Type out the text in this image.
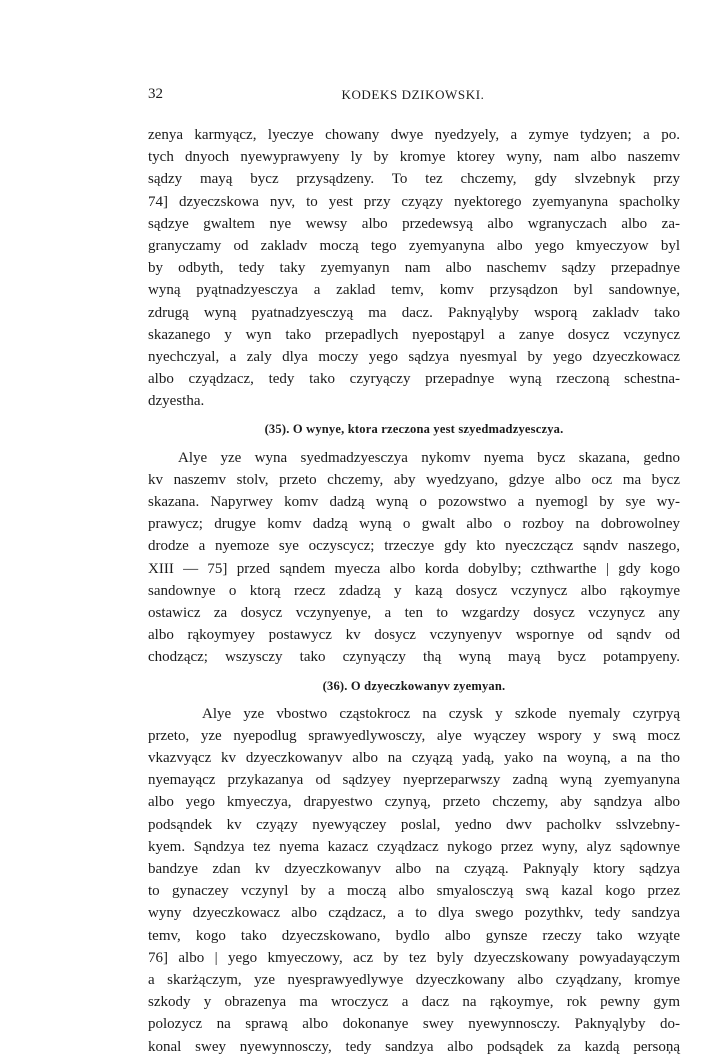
32	KODEKS DZIKOWSKI.
zenya karmyącz, lyeczye chowany dwye nyedzyely, a zymye tydzyen; a po.
tych dnyoch nyewyprawyeny ly by kromye ktorey wyny, nam albo naszemv
sądzy mayą bycz przysądzeny. To tez chczemy, gdy slvzebnyk przy
74] dzyeczskowa nyv, to yest przy czyązy nyektorego zyemyanyna spacholky
sądzye gwaltem nye wewsy albo przedewsyą albo wgranyczach albo za-
granyczamy od zakladv moczą tego zyemyanyna albo yego kmyeczyow byl
by odbyth, tedy taky zyemyanyn nam albo naschemv sądzy przepadnye
wyną pyątnadzyesczya a zaklad temv, komv przysądzon byl sandownye,
zdrugą wyną pyatnadzyesczyą ma dacz. Paknyąlyby wsporą zakladv tako
skazanego y wyn tako przepadlych nyepostąpyl a zanye dosycz vczynycz
nyechczyal, a zaly dlya moczy yego sądzya nyesmyal by yego dzyeczkowacz
albo czyądzacz, tedy tako czyryączy przepadnye wyną rzeczoną schestna-
dzyestha.
(35). O wynye, ktora rzeczona yest szyedmadzyesczya.
Alye yze wyna syedmadzyesczya nykomv nyema bycz skazana, gedno
kv naszemv stolv, przeto chczemy, aby wyedzyano, gdzye albo ocz ma bycz
skazana. Napyrwey komv dadzą wyną o pozowstwo a nyemogl by sye wy-
prawycz; drugye komv dadzą wyną o gwalt albo o rozboy na dobrowolney
drodze a nyemoze sye oczyscycz; trzeczye gdy kto nyeczczącz sąndv naszego,
XIII — 75] przed sąndem myecza albo korda dobylby; czthwarthe | gdy kogo
sandownye o ktorą rzecz zdadzą y kazą dosycz vczynycz albo rąkoymye
ostawicz za dosycz vczynyenye, a ten to wzgardzy dosycz vczynycz any
albo rąkoymyey postawycz kv dosycz vczynyenyv wspornye od sąndv od
chodzącz; wszysczy tako czynyączy thą wyną mayą bycz potampyeny.
(36). O dzyeczkowanyv zyemyan.
Alye yze vbostwo cząstokrocz na czysk y szkode nyemaly czyrpyą
przeto, yze nyepodlug sprawyedlywosczy, alye wyączey wspory y swą mocz
vkazvyącz kv dzyeczkowanyv albo na czyązą yadą, yako na woyną, a na tho
nyemayącz przykazanya od sądzyey nyeprzeparwszy zadną wyną zyemyanyna
albo yego kmyeczya, drapyestwo czynyą, przeto chczemy, aby sąndzya albo
podsąndek kv czyązy nyewyączey poslal, yedno dwv pacholkv sslvzebny-
kyem. Sąndzya tez nyema kazacz czyądzacz nykogo przez wyny, alyz sądownye
bandzye zdan kv dzyeczkowanyv albo na czyązą. Paknyąly ktory sądzya
to gynaczey vczynyl by a moczą albo smyalosczyą swą kazal kogo przez
wyny dzyeczkowacz albo cządzacz, a to dlya swego pozythkv, tedy sandzya
temv, kogo tako dzyeczskowano, bydlo albo gynsze rzeczy tako wzyąte
76] albo | yego kmyeczowy, acz by tez byly dzyeczskowany powyadayączym
a skarżączym, yze nyesprawyedlywye dzyeczkowany albo czyądzany, kromye
szkody y obrazenya ma wroczycz a dacz na rąkoymye, rok pewny gym
polozycz na sprawą albo dokonanye swey nyewynnosczy. Paknyąlyby do-
konal swey nyewynnosczy, tedy sandzya albo podsądek za kazdą persoņą
